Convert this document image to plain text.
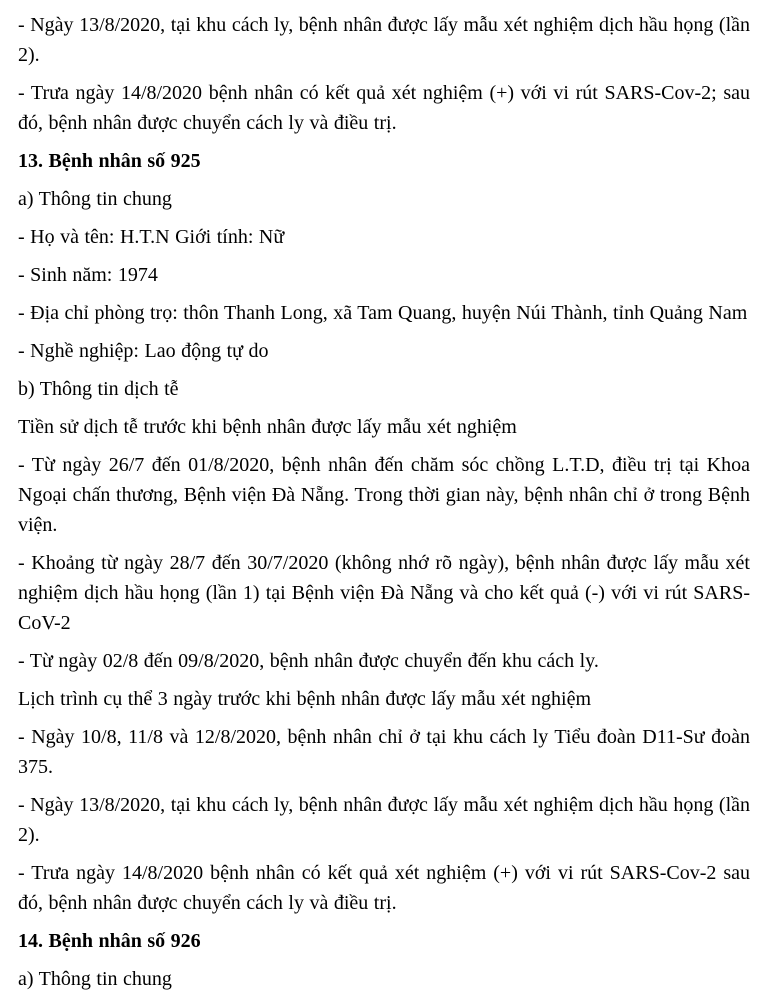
- Ngày 13/8/2020, tại khu cách ly, bệnh nhân được lấy mẫu xét nghiệm dịch hầu họng (lần 2).

- Trưa ngày 14/8/2020 bệnh nhân có kết quả xét nghiệm (+) với vi rút SARS-Cov-2; sau đó, bệnh nhân được chuyển cách ly và điều trị.

13. Bệnh nhân số 925

a) Thông tin chung

- Họ và tên: H.T.N Giới tính: Nữ

- Sinh năm: 1974

- Địa chỉ phòng trọ: thôn Thanh Long, xã Tam Quang, huyện Núi Thành, tỉnh Quảng Nam

- Nghề nghiệp: Lao động tự do

b) Thông tin dịch tễ

Tiền sử dịch tễ trước khi bệnh nhân được lấy mẫu xét nghiệm

- Từ ngày 26/7 đến 01/8/2020, bệnh nhân đến chăm sóc chồng L.T.D, điều trị tại Khoa Ngoại chấn thương, Bệnh viện Đà Nẵng. Trong thời gian này, bệnh nhân chỉ ở trong Bệnh viện.

- Khoảng từ ngày 28/7 đến 30/7/2020 (không nhớ rõ ngày), bệnh nhân được lấy mẫu xét nghiệm dịch hầu họng (lần 1) tại Bệnh viện Đà Nẵng và cho kết quả (-) với vi rút SARS-CoV-2

- Từ ngày 02/8 đến 09/8/2020, bệnh nhân được chuyển đến khu cách ly.

Lịch trình cụ thể 3 ngày trước khi bệnh nhân được lấy mẫu xét nghiệm

- Ngày 10/8, 11/8 và 12/8/2020, bệnh nhân chỉ ở tại khu cách ly Tiểu đoàn D11-Sư đoàn 375.

- Ngày 13/8/2020, tại khu cách ly, bệnh nhân được lấy mẫu xét nghiệm dịch hầu họng (lần 2).

- Trưa ngày 14/8/2020 bệnh nhân có kết quả xét nghiệm (+) với vi rút SARS-Cov-2 sau đó, bệnh nhân được chuyển cách ly và điều trị.

14. Bệnh nhân số 926

a) Thông tin chung
